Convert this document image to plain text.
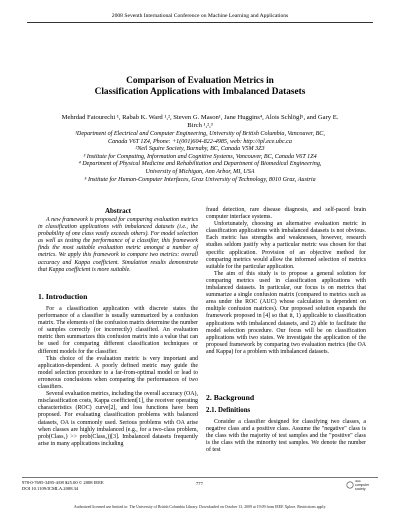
2008 Seventh International Conference on Machine Learning and Applications
Comparison of Evaluation Metrics in
Classification Applications with Imbalanced Datasets
Mehrdad Fatourechi ¹, Rabab K. Ward ¹,², Steven G. Mason¹, Jane Huggins⁴, Alois Schlögl⁵, and Gary E.
Birch ¹,²,³
¹Department of Electrical and Computer Engineering, University of British Columbia, Vancouver, BC,
Canada V6T 1Z4, Phone: +1(001)604-822-4985, web: http://ipl.ece.ubc.ca
²Neil Squire Society, Burnaby, BC, Canada V5M 3Z3
³ Institute for Computing, Information and Cognitive Systems, Vancouver, BC, Canada V6T 1Z4
⁴ Department of Physical Medicine and Rehabilitation and Department of Biomedical Engineering,
University of Michigan, Ann Arbor, MI, USA
⁵ Institute for Human-Computer Interfaces, Graz University of Technology, 8010 Graz, Austria
Abstract

A new framework is proposed for comparing evaluation metrics in classification applications with imbalanced datasets (i.e., the probability of one class vastly exceeds others). For model selection as well as testing the performance of a classifier, this framework finds the most suitable evaluation metric amongst a number of metrics. We apply this framework to compare two metrics: overall accuracy and Kappa coefficient. Simulation results demonstrate that Kappa coefficient is more suitable.

1. Introduction

For a classification application with discrete states the performance of a classifier is usually summarized by a confusion matrix. The elements of the confusion matrix determine the number of samples correctly (or incorrectly) classified. An evaluation metric then summarizes this confusion matrix into a value that can be used for comparing different classification techniques or different models for the classifier.

This choice of the evaluation metric is very important and application-dependent. A poorly defined metric may guide the model selection procedure to a far-from-optimal model or lead to erroneous conclusions when comparing the performances of two classifiers.

Several evaluation metrics, including the overall accuracy (OA), misclassification costs, Kappa coefficient[1], the receiver operating characteristics (ROC) curve[2], and loss functions have been proposed. For evaluating classification problems with balanced datasets, OA is commonly used. Serious problems with OA arise when classes are highly imbalanced (e.g., for a two-class problem, prob(Class₁) >> prob(Class₂))[3]. Imbalanced datasets frequently arise in many applications including

fraud detection, rare disease diagnosis, and self-paced brain computer interface systems.

Unfortunately, choosing an alternative evaluation metric in classification applications with imbalanced datasets is not obvious. Each metric has strengths and weaknesses, however, research studies seldom justify why a particular metric was chosen for that specific application. Provision of an objective method for comparing metrics would allow the informed selection of metrics suitable for the particular application.

The aim of this study is to propose a general solution for comparing metrics used in classification applications with imbalanced datasets. In particular, our focus is on metrics that summarize a single confusion matrix (compared to metrics such as area under the ROC (AUC) whose calculation is dependent on multiple confusion matrices). Our proposed solution expands the framework proposed in [4] so that it, 1) applicable to classification applications with imbalanced datasets, and 2) able to facilitate the model selection procedure. Our focus will be on classification applications with two states. We investigate the application of the proposed framework by comparing two evaluation metrics (the OA and Kappa) for a problem with imbalanced datasets.

2. Background
2.1. Definitions

Consider a classifier designed for classifying two classes, a negative class and a positive class. Assume the "negative" class is the class with the majority of test samples and the "positive" class is the class with the minority test samples. We denote the number of test

978-0-7695-3495-4/08 $25.00 © 2008 IEEE
DOI 10.1109/ICMLA.2008.34
777	IEEE
computer
society
Authorized licensed use limited to: The University of British Columbia Library. Downloaded on October 13, 2009 at 19:09 from IEEE Xplore. Restrictions apply.
